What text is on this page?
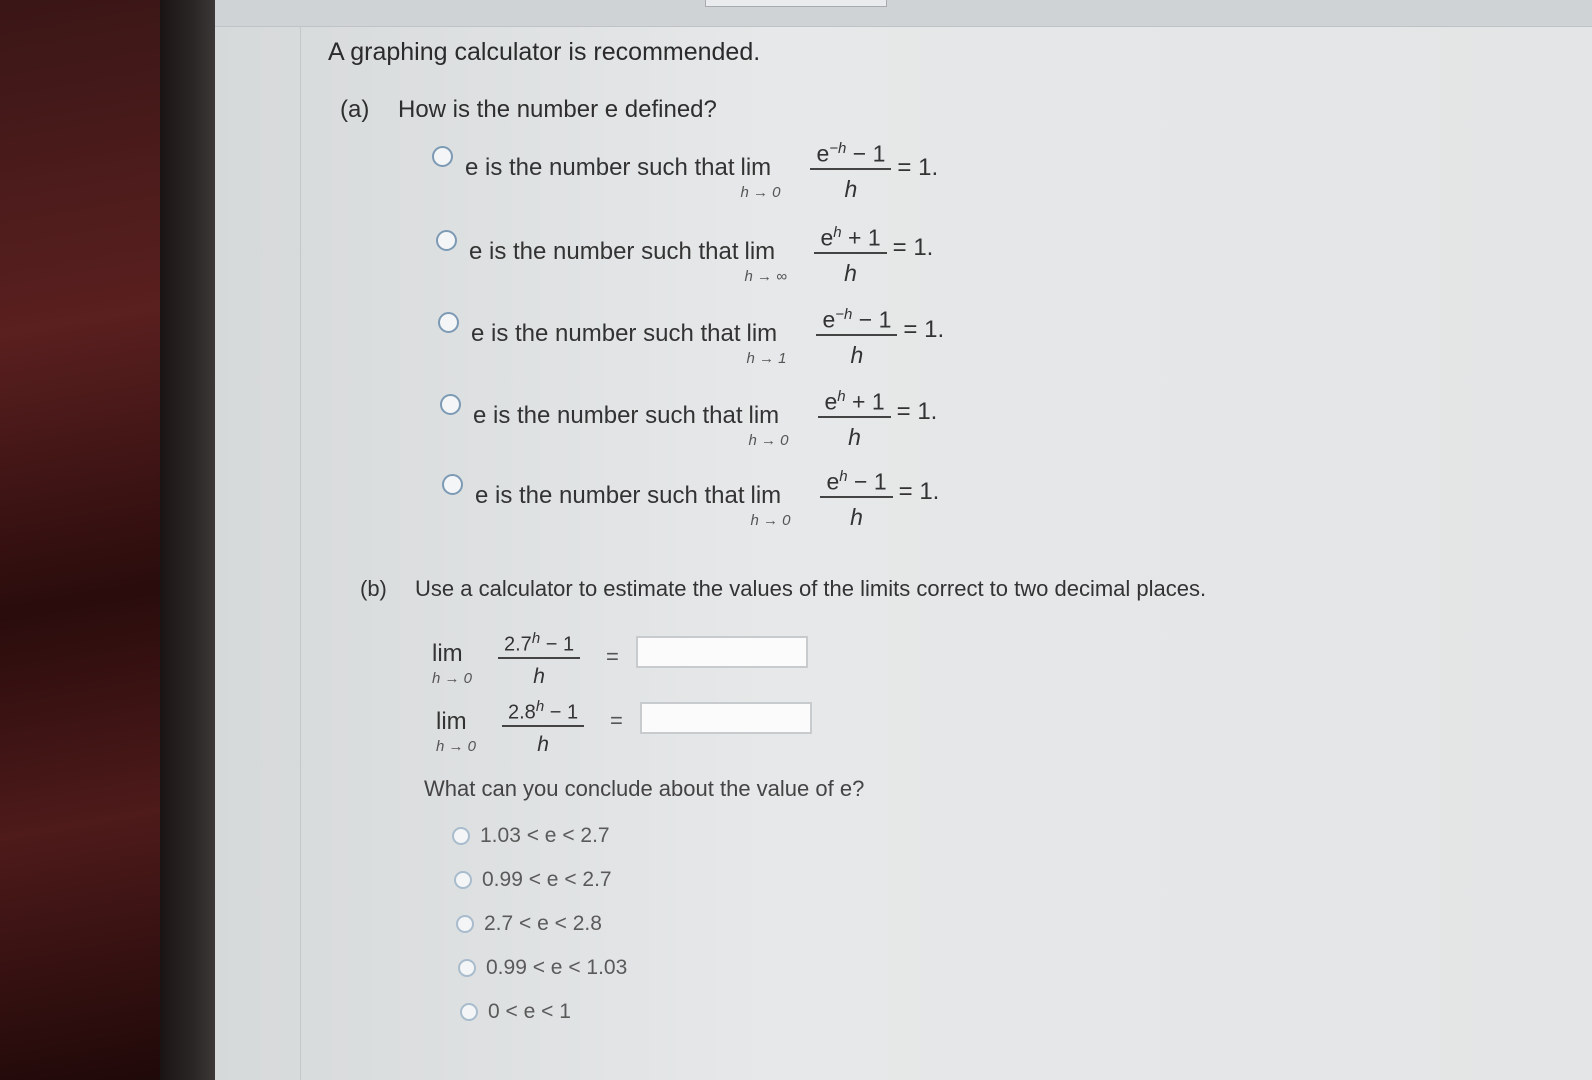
A graphing calculator is recommended.
(a) How is the number e defined?
e is the number such that lim
h → 0	$\frac{e^{-h} - 1}{h} = 1$.
e is the number such that lim
h → ∞	$\frac{e^h + 1}{h} = 1$.
e is the number such that lim
h → 1	$\frac{e^{-h} - 1}{h} = 1$.
e is the number such that lim
h → 0	$\frac{e^h + 1}{h} = 1$.
e is the number such that lim
h → 0	$\frac{e^h - 1}{h} = 1$.
(b) Use a calculator to estimate the values of the limits correct to two decimal places.
lim
h → 0	$\frac{2.7^h - 1}{h}$ =
lim
h → 0	$\frac{2.8^h - 1}{h}$ =
What can you conclude about the value of e?
1.03 < e < 2.7
0.99 < e < 2.7
2.7 < e < 2.8
0.99 < e < 1.03
0 < e < 1
